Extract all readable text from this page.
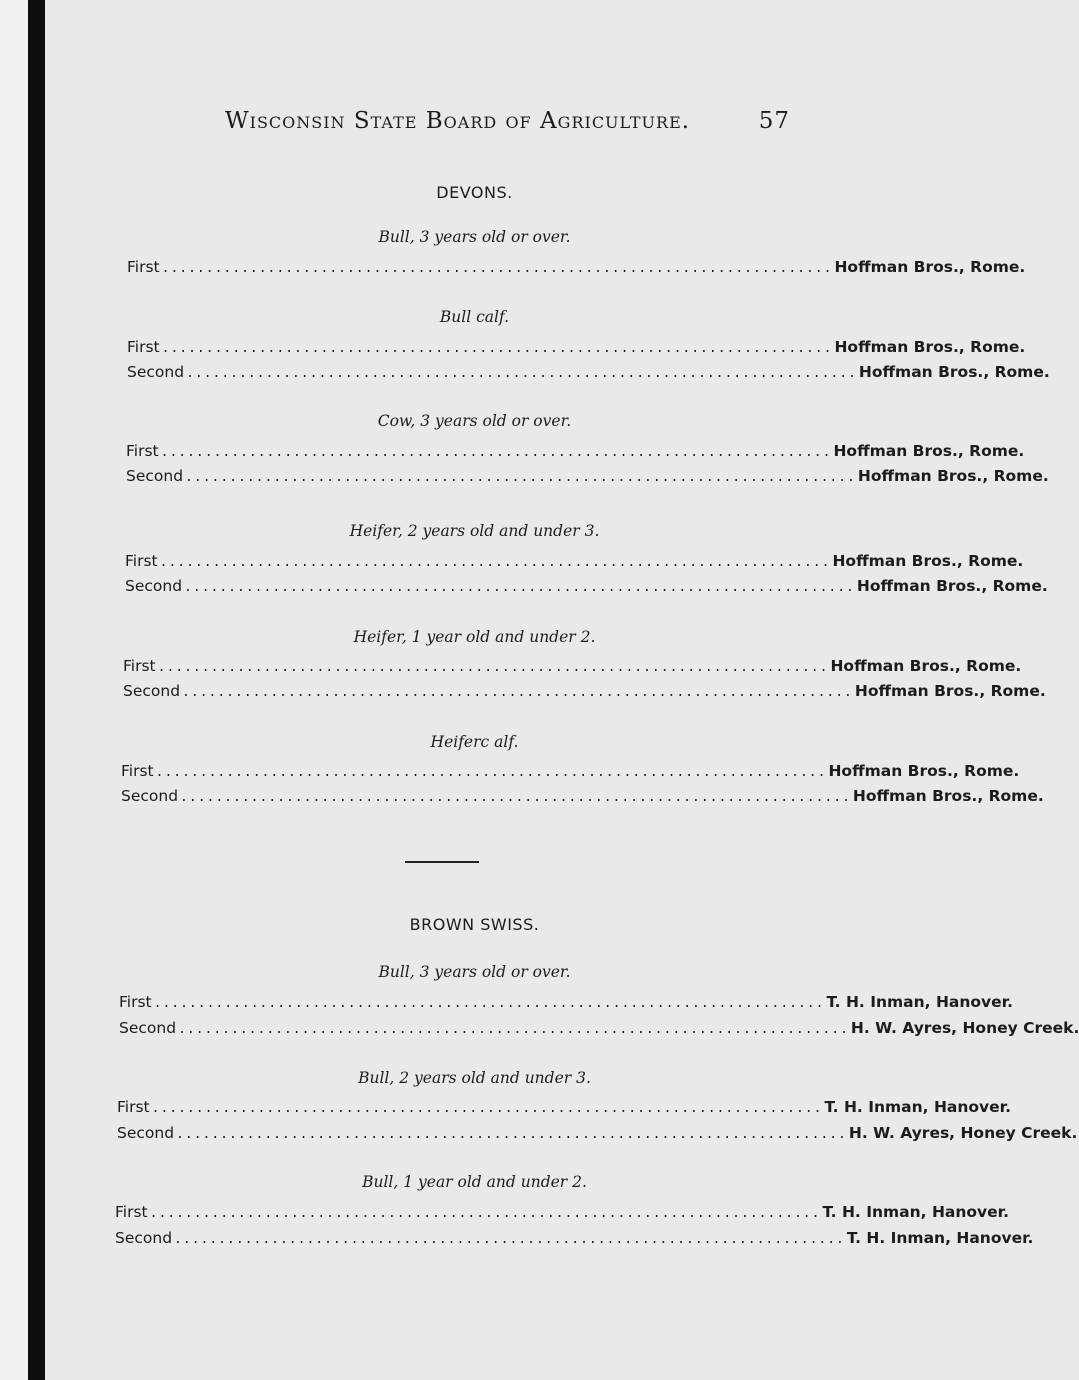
Wisconsin State Board of Agriculture.	57
DEVONS.
Bull, 3 years old or over.
First ............................................................................ Hoffman Bros., Rome.
Bull calf.
First ............................................................................ Hoffman Bros., Rome.
Second ............................................................................ Hoffman Bros., Rome.
Cow, 3 years old or over.
First ............................................................................ Hoffman Bros., Rome.
Second ............................................................................ Hoffman Bros., Rome.
Heifer, 2 years old and under 3.
First ............................................................................ Hoffman Bros., Rome.
Second ............................................................................ Hoffman Bros., Rome.
Heifer, 1 year old and under 2.
First ............................................................................ Hoffman Bros., Rome.
Second ............................................................................ Hoffman Bros., Rome.
Heiferc alf.
First ............................................................................ Hoffman Bros., Rome.
Second ............................................................................ Hoffman Bros., Rome.
BROWN SWISS.
Bull, 3 years old or over.
First ............................................................................ T. H. Inman, Hanover.
Second ............................................................................ H. W. Ayres, Honey Creek.
Bull, 2 years old and under 3.
First ............................................................................ T. H. Inman, Hanover.
Second ............................................................................ H. W. Ayres, Honey Creek.
Bull, 1 year old and under 2.
First ............................................................................ T. H. Inman, Hanover.
Second ............................................................................ T. H. Inman, Hanover.
